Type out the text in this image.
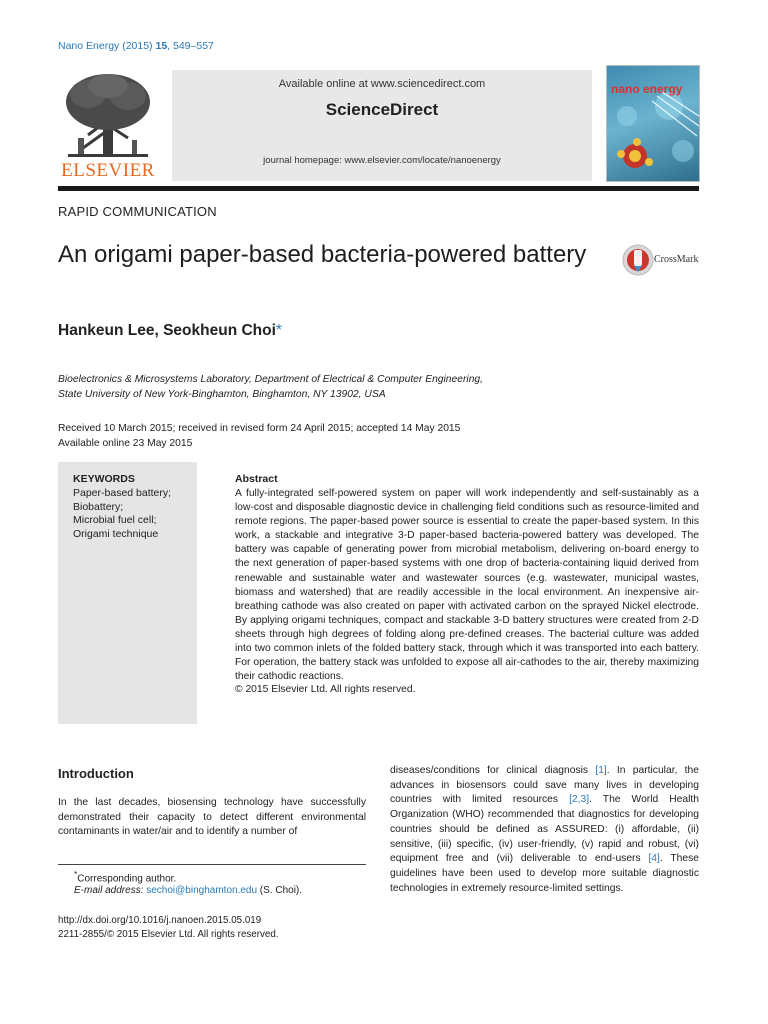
Nano Energy (2015) 15, 549–557
ELSEVIER
Available online at www.sciencedirect.com
ScienceDirect
journal homepage: www.elsevier.com/locate/nanoenergy
nano energy
RAPID COMMUNICATION
An origami paper-based bacteria-powered battery	CrossMark
Hankeun Lee, Seokheun Choi*
Bioelectronics & Microsystems Laboratory, Department of Electrical & Computer Engineering,
State University of New York-Binghamton, Binghamton, NY 13902, USA
Received 10 March 2015; received in revised form 24 April 2015; accepted 14 May 2015
Available online 23 May 2015
KEYWORDS
Paper-based battery;
Biobattery;
Microbial fuel cell;
Origami technique
Abstract
A fully-integrated self-powered system on paper will work independently and self-sustainably as a low-cost and disposable diagnostic device in challenging field conditions such as resource-limited and remote regions. The paper-based power source is essential to create the paper-based system. In this work, a stackable and integrative 3-D paper-based bacteria-powered battery was developed. The battery was capable of generating power from microbial metabolism, delivering on-board energy to the next generation of paper-based systems with one drop of bacteria-containing liquid derived from renewable and sustainable water and wastewater sources (e.g. wastewater, municipal wastes, biomass and watershed) that are readily accessible in the local environment. An inexpensive air-breathing cathode was also created on paper with activated carbon on the sprayed Nickel electrode. By applying origami techniques, compact and stackable 3-D battery structures were created from 2-D sheets through high degrees of folding along pre-defined creases. The bacterial culture was added into two common inlets of the folded battery stack, through which it was transported into each battery. For operation, the battery stack was unfolded to expose all air-cathodes to the air, thereby maximizing their cathodic reactions.
© 2015 Elsevier Ltd. All rights reserved.
Introduction
In the last decades, biosensing technology have successfully demonstrated their capacity to detect different environmental contaminants in water/air and to identify a number of
diseases/conditions for clinical diagnosis [1]. In particular, the advances in biosensors could save many lives in developing countries with limited resources [2,3]. The World Health Organization (WHO) recommended that diagnostics for developing countries should be defined as ASSURED: (i) affordable, (ii) sensitive, (iii) specific, (iv) user-friendly, (v) rapid and robust, (vi) equipment free and (vii) deliverable to end-users [4]. These guidelines have been used to develop more suitable diagnostic technologies in extremely resource-limited settings.
*Corresponding author.
E-mail address: sechoi@binghamton.edu (S. Choi).
http://dx.doi.org/10.1016/j.nanoen.2015.05.019
2211-2855/© 2015 Elsevier Ltd. All rights reserved.
